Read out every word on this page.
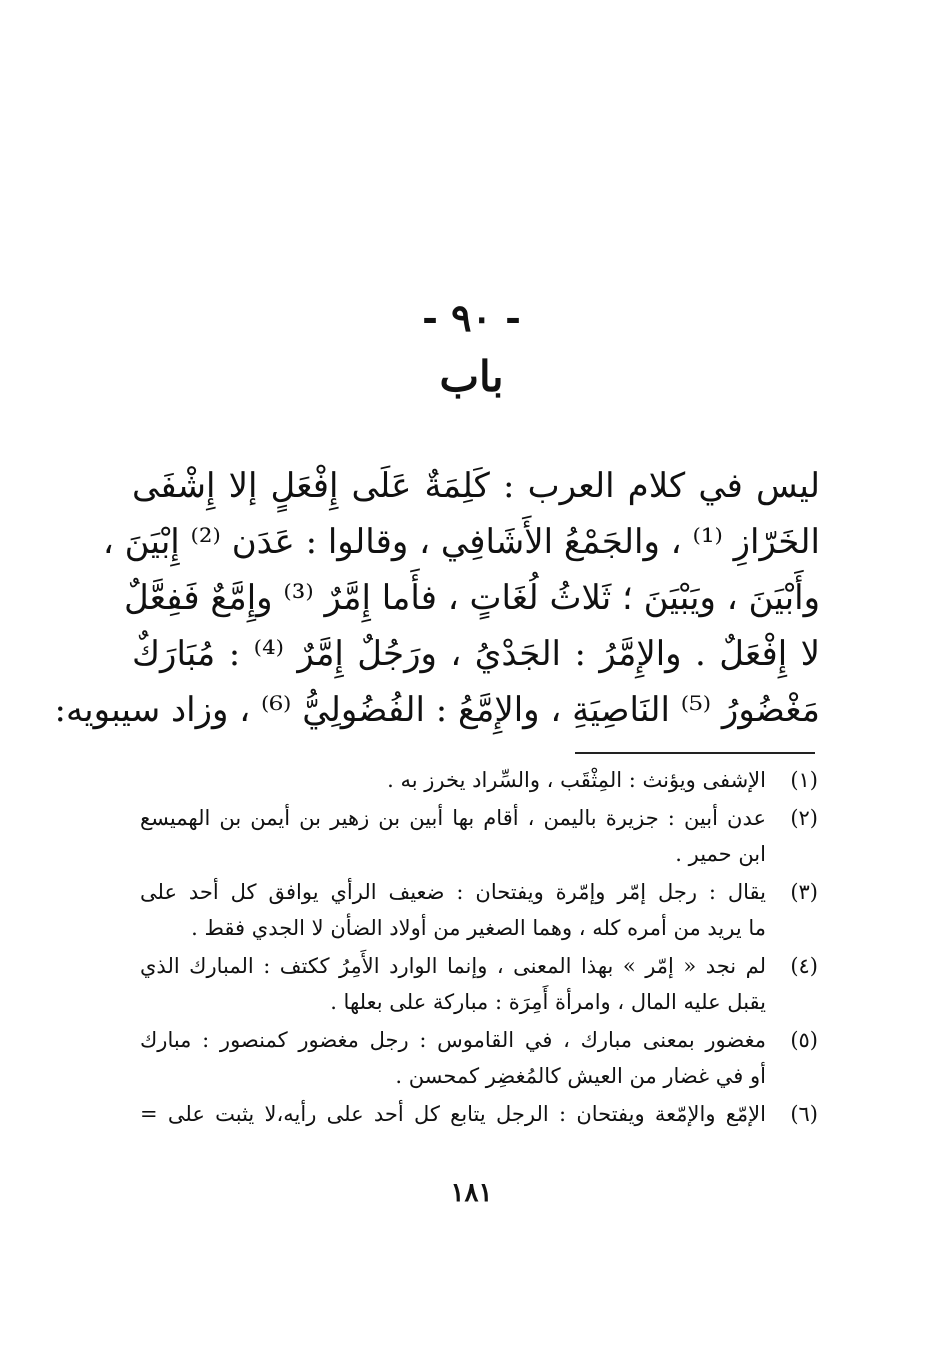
- ٩٠ -
باب
ليس في كلام العرب : كَلِمَةٌ عَلَى إِفْعَلٍ إلا إِشْفَى
الخَرّازِ ⁽¹⁾ ، والجَمْعُ الأَشَافِي ، وقالوا : عَدَن ⁽²⁾ إِبْيَنَ ،
وأَبْيَنَ ، ويَبْيَنَ ؛ ثَلاثُ لُغَاتٍ ، فأَما إِمَّرٌ ⁽³⁾ وإِمَّعٌ فَفِعَّلٌ
لا إِفْعَلٌ . والإِمَّرُ : الجَدْيُ ، ورَجُلٌ إِمَّرٌ ⁽⁴⁾ : مُبَارَكٌ
مَغْضُورُ ⁽⁵⁾ النَاصِيَةِ ، والإِمَّعُ : الفُضُولِيُّ ⁽⁶⁾ ، وزاد سيبويه:
(١)
الإشفى ويؤنث : المِثْقَب ، والسِّراد يخرز به .
(٢)
عدن أبين : جزيرة باليمن ، أقام بها أبين بن زهير بن أيمن بن الهميسع
ابن حمير .
(٣)
يقال : رجل إمّر وإمّرة ويفتحان : ضعيف الرأي يوافق كل أحد على
ما يريد من أمره كله ، وهما الصغير من أولاد الضأن لا الجدي فقط .
(٤)
لم نجد « إمّر » بهذا المعنى ، وإنما الوارد الأَمِرُ ككتف : المبارك الذي
يقبل عليه المال ، وامرأة أَمِرَة : مباركة على بعلها .
(٥)
مغضور بمعنى مبارك ، في القاموس : رجل مغضور كمنصور : مبارك
أو في غضار من العيش كالمُغضِر كمحسن .
(٦)
الإمّع والإمّعة ويفتحان : الرجل يتابع كل أحد على رأيه،لا يثبت على =
١٨١
